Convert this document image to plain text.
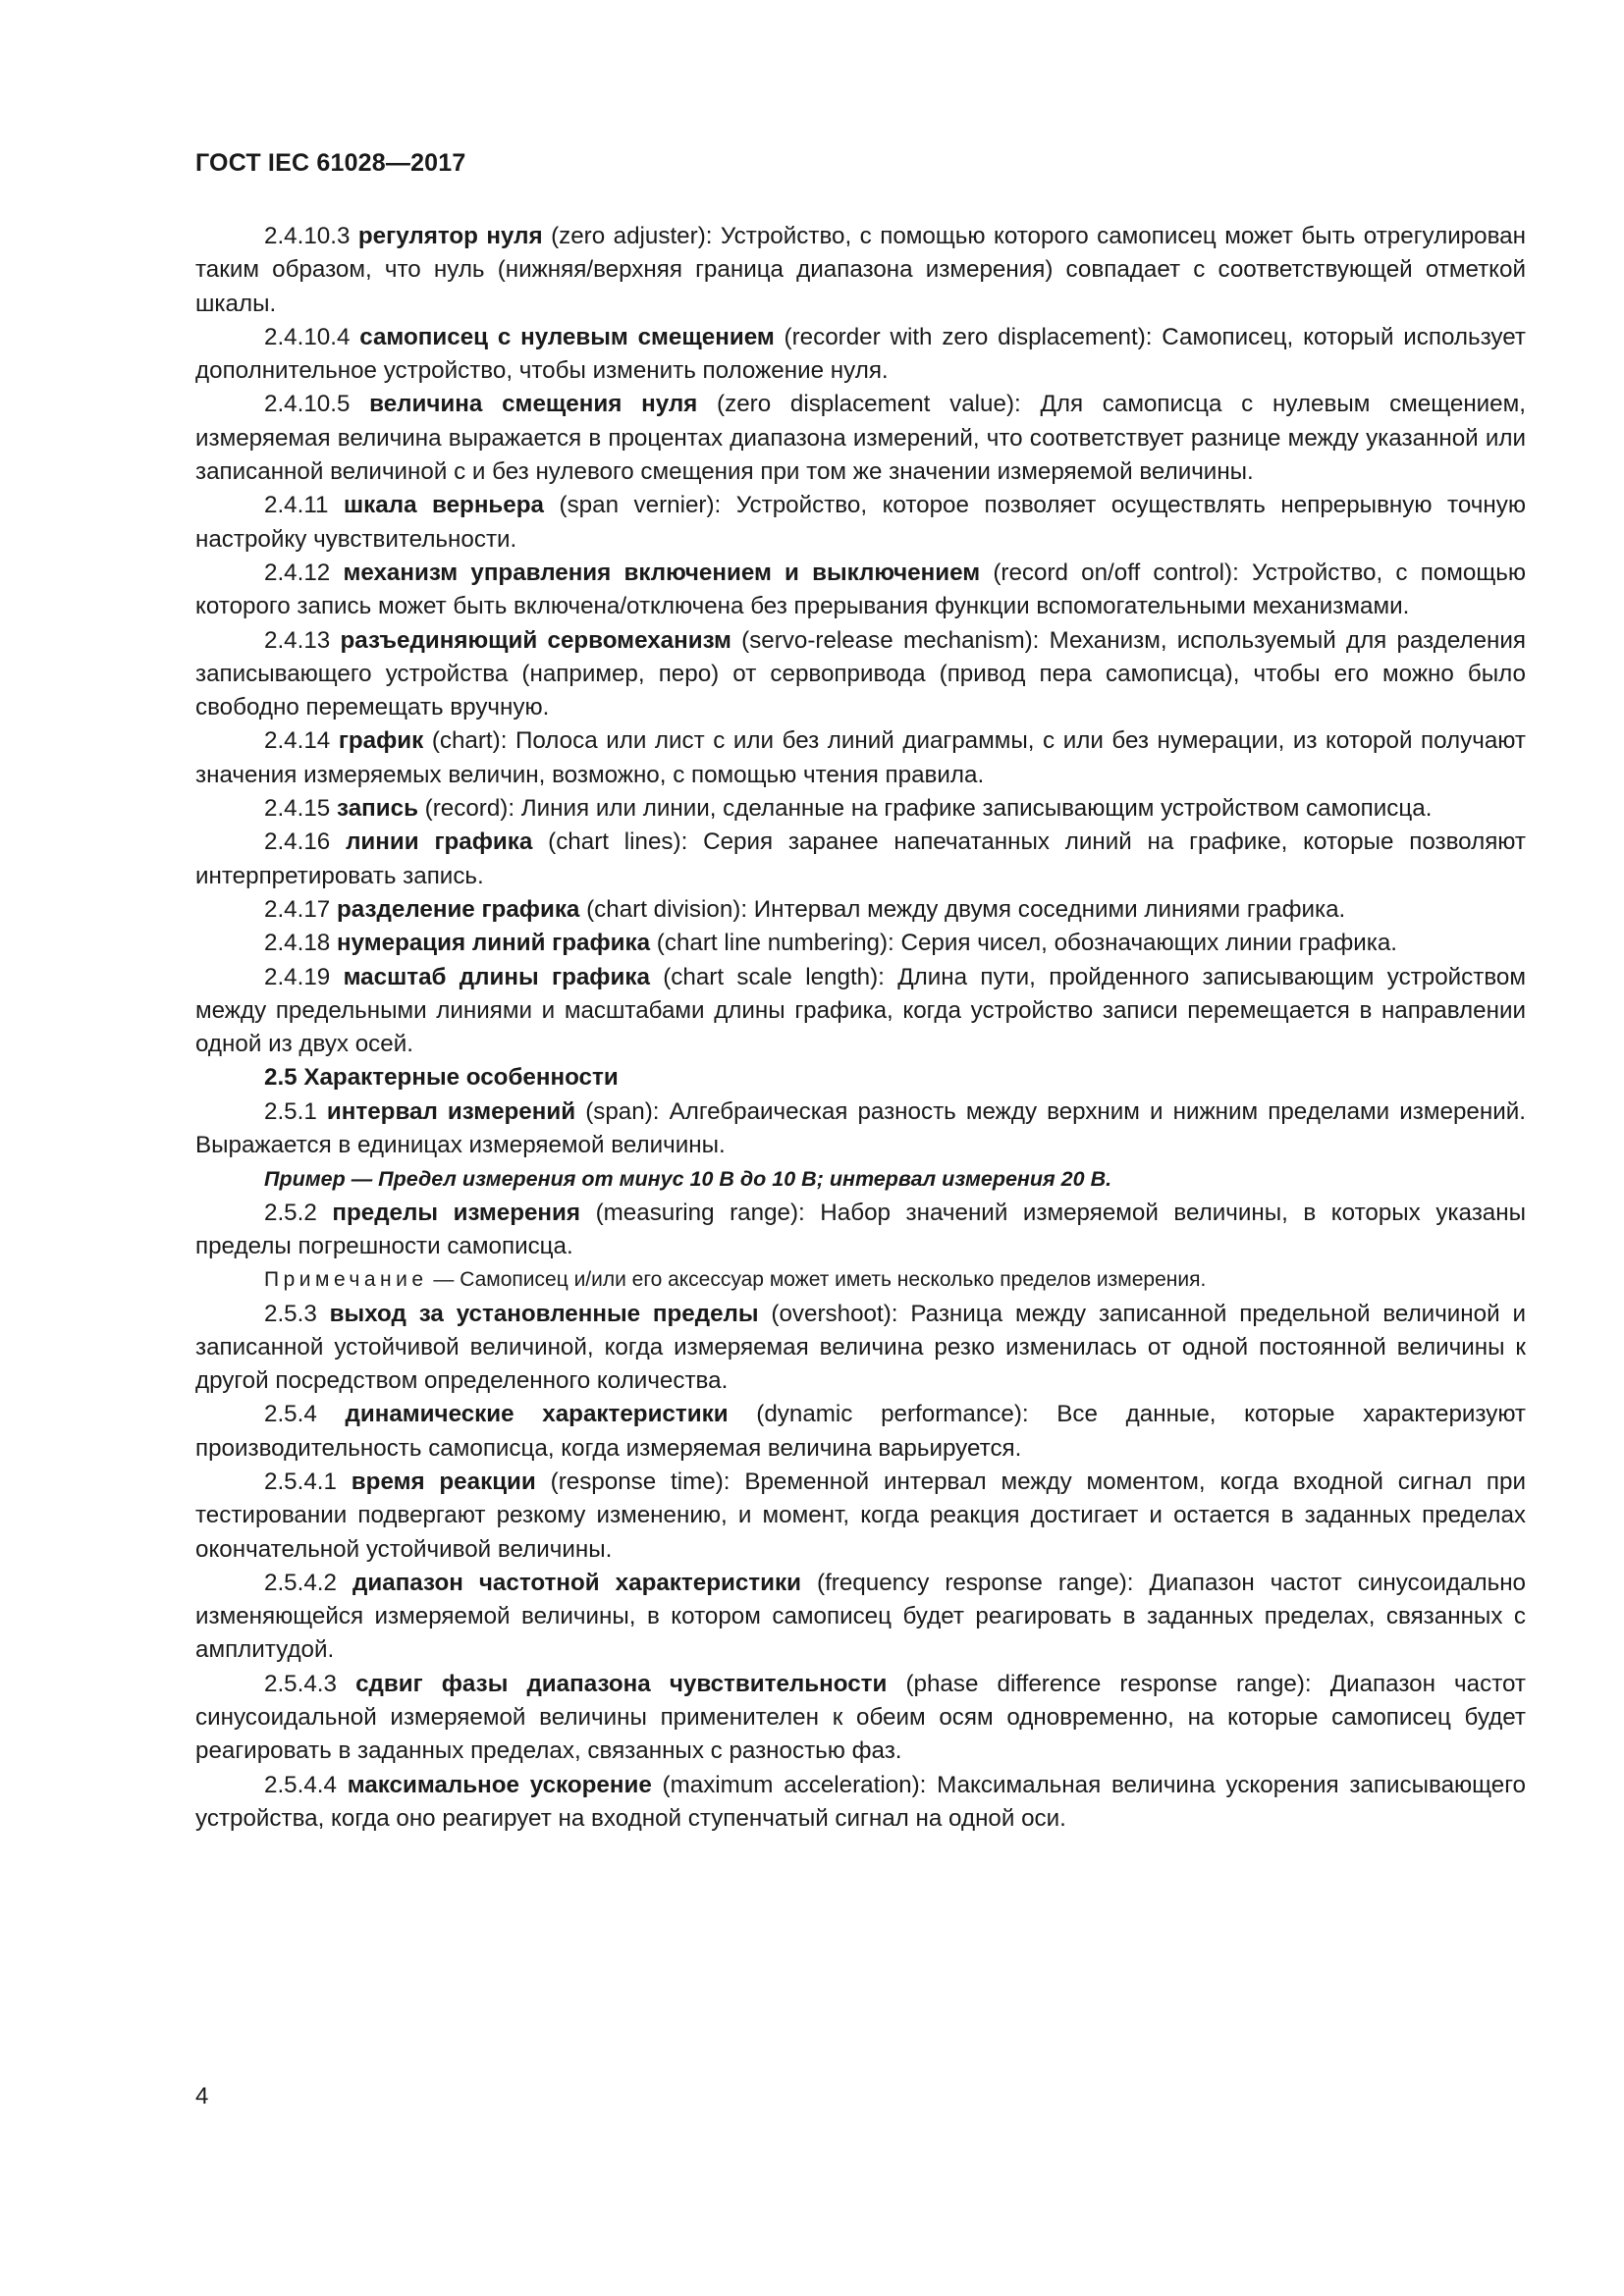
ГОСТ IEC 61028—2017

2.4.10.3 регулятор нуля (zero adjuster): Устройство, с помощью которого самописец может быть отрегулирован таким образом, что нуль (нижняя/верхняя граница диапазона измерения) совпадает с соответствующей отметкой шкалы.

2.4.10.4 самописец с нулевым смещением (recorder with zero displacement): Самописец, который использует дополнительное устройство, чтобы изменить положение нуля.

2.4.10.5 величина смещения нуля (zero displacement value): Для самописца с нулевым смещением, измеряемая величина выражается в процентах диапазона измерений, что соответствует разнице между указанной или записанной величиной с и без нулевого смещения при том же значении измеряемой величины.

2.4.11 шкала верньера (span vernier): Устройство, которое позволяет осуществлять непрерывную точную настройку чувствительности.

2.4.12 механизм управления включением и выключением (record on/off control): Устройство, с помощью которого запись может быть включена/отключена без прерывания функции вспомогательными механизмами.

2.4.13 разъединяющий сервомеханизм (servo-release mechanism): Механизм, используемый для разделения записывающего устройства (например, перо) от сервопривода (привод пера самописца), чтобы его можно было свободно перемещать вручную.

2.4.14 график (chart): Полоса или лист с или без линий диаграммы, с или без нумерации, из которой получают значения измеряемых величин, возможно, с помощью чтения правила.

2.4.15 запись (record): Линия или линии, сделанные на графике записывающим устройством самописца.

2.4.16 линии графика (chart lines): Серия заранее напечатанных линий на графике, которые позволяют интерпретировать запись.

2.4.17 разделение графика (chart division): Интервал между двумя соседними линиями графика.

2.4.18 нумерация линий графика (chart line numbering): Серия чисел, обозначающих линии графика.

2.4.19 масштаб длины графика (chart scale length): Длина пути, пройденного записывающим устройством между предельными линиями и масштабами длины графика, когда устройство записи перемещается в направлении одной из двух осей.

2.5 Характерные особенности

2.5.1 интервал измерений (span): Алгебраическая разность между верхним и нижним пределами измерений. Выражается в единицах измеряемой величины.

Пример — Предел измерения от минус 10 В до 10 В; интервал измерения 20 В.

2.5.2 пределы измерения (measuring range): Набор значений измеряемой величины, в которых указаны пределы погрешности самописца.

Примечание — Самописец и/или его аксессуар может иметь несколько пределов измерения.

2.5.3 выход за установленные пределы (overshoot): Разница между записанной предельной величиной и записанной устойчивой величиной, когда измеряемая величина резко изменилась от одной постоянной величины к другой посредством определенного количества.

2.5.4 динамические характеристики (dynamic performance): Все данные, которые характеризуют производительность самописца, когда измеряемая величина варьируется.

2.5.4.1 время реакции (response time): Временной интервал между моментом, когда входной сигнал при тестировании подвергают резкому изменению, и момент, когда реакция достигает и остается в заданных пределах окончательной устойчивой величины.

2.5.4.2 диапазон частотной характеристики (frequency response range): Диапазон частот синусоидально изменяющейся измеряемой величины, в котором самописец будет реагировать в заданных пределах, связанных с амплитудой.

2.5.4.3 сдвиг фазы диапазона чувствительности (phase difference response range): Диапазон частот синусоидальной измеряемой величины применителен к обеим осям одновременно, на которые самописец будет реагировать в заданных пределах, связанных с разностью фаз.

2.5.4.4 максимальное ускорение (maximum acceleration): Максимальная величина ускорения записывающего устройства, когда оно реагирует на входной ступенчатый сигнал на одной оси.

4
